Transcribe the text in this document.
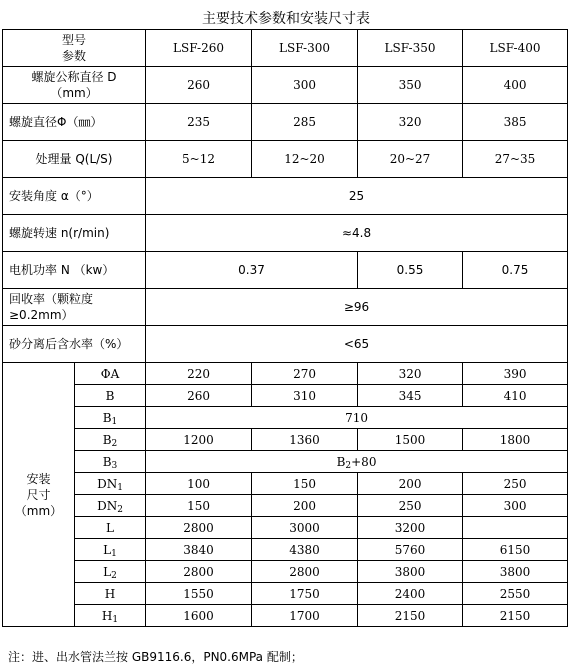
主要技术参数和安装尺寸表
型号
参数		LSF-260	LSF-300	LSF-350	LSF-400

螺旋公称直径 D
（mm）		260	300	350	400
螺旋直径Φ（㎜）		235	285	320	385
处理量 Q(L/S)		5~12	12~20	20~27	27~35
安装角度 α（°）		25			
螺旋转速 n(r/min)		≈4.8			
电机功率 N （kw）		0.37		0.55	0.75

回收率（颗粒度
≥0.2mm）		≥96			
砂分离后含水率（%）		<65			

安装
尺寸
（mm）	ΦA	220	270	320	390
	B	260	310	345	410
	$B_1$	710			
	$B_2$	1200	1360	1500	1800
	$B_3$	$B_2+80$			
	$DN_1$	100	150	200	250
	$DN_2$	150	200	250	300
	L	2800	3000	3200	
	$L_1$	3840	4380	5760	6150
	$L_2$	2800	2800	3800	3800
	H	1550	1750	2400	2550
	$H_1$	1600	1700	2150	2150
注：进、出水管法兰按 GB9116.6，PN0.6MPa 配制；
